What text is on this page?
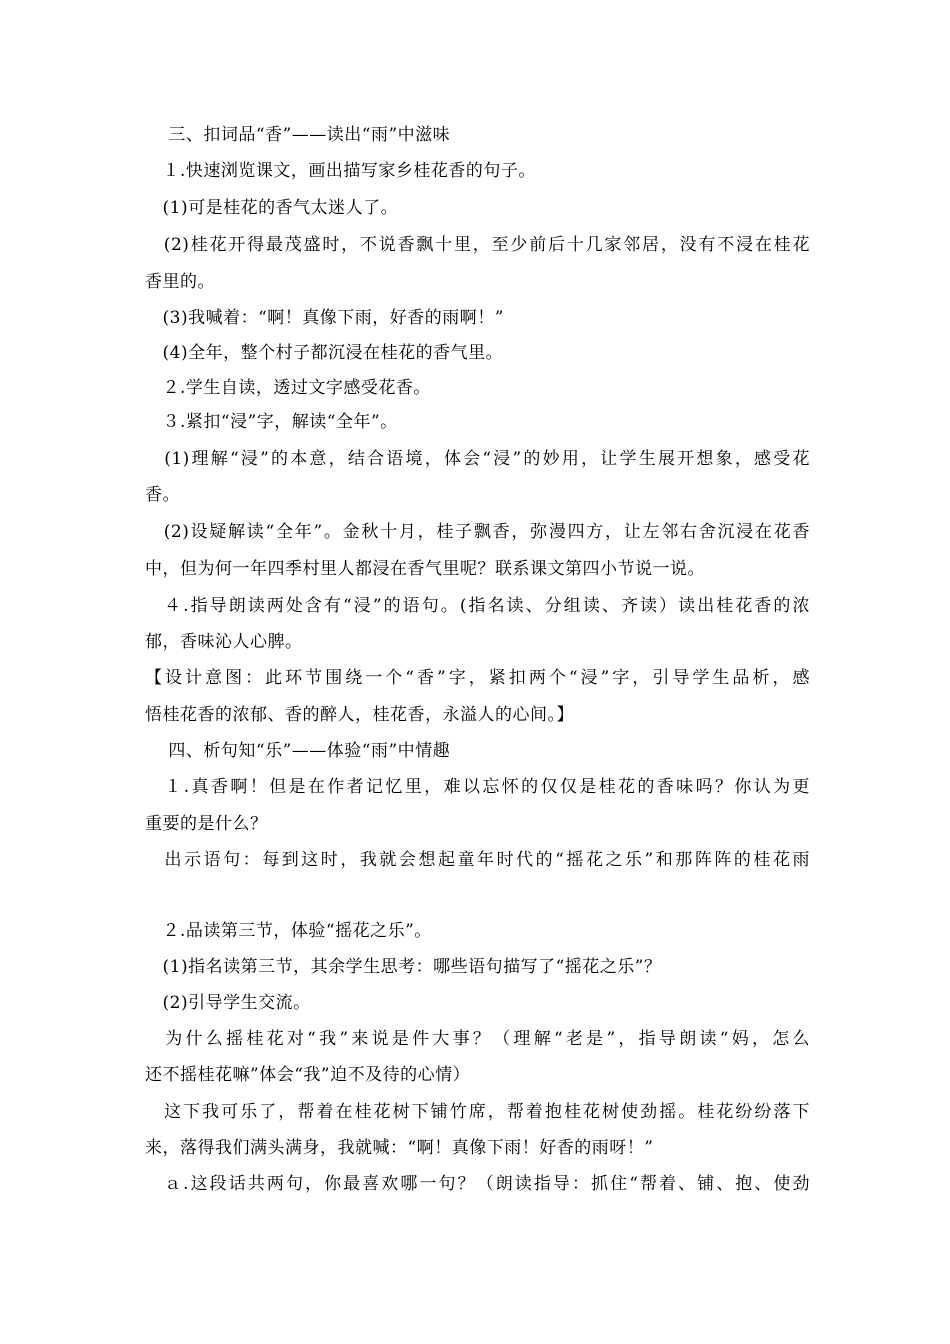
　 三、扣词品“香”——读出“雨”中滋味
　１.快速浏览课文，画出描写家乡桂花香的句子。
　(1)可是桂花的香气太迷人了。
　(2)桂花开得最茂盛时，不说香飘十里，至少前后十几家邻居，没有不浸在桂花
香里的。
　(3)我喊着：“啊！真像下雨，好香的雨啊！”
　(4)全年，整个村子都沉浸在桂花的香气里。
　２.学生自读，透过文字感受花香。
　３.紧扣“浸”字，解读“全年”。
　(1)理解“浸”的本意，结合语境，体会“浸”的妙用，让学生展开想象，感受花
香。
　(2)设疑解读“全年”。金秋十月，桂子飘香，弥漫四方，让左邻右舍沉浸在花香
中，但为何一年四季村里人都浸在香气里呢？联系课文第四小节说一说。
　４.指导朗读两处含有“浸”的语句。(指名读、分组读、齐读）读出桂花香的浓
郁，香味沁人心脾。
【设计意图：此环节围绕一个“香”字，紧扣两个“浸”字，引导学生品析，感
悟桂花香的浓郁、香的醉人，桂花香，永溢人的心间。】
　 四、析句知“乐”——体验“雨”中情趣
　１.真香啊！但是在作者记忆里，难以忘怀的仅仅是桂花的香味吗？你认为更
重要的是什么？
　出示语句：每到这时，我就会想起童年时代的“摇花之乐”和那阵阵的桂花雨
　２.品读第三节，体验“摇花之乐”。
　(1)指名读第三节，其余学生思考：哪些语句描写了“摇花之乐”？
　(2)引导学生交流。
　为什么摇桂花对“我”来说是件大事？（理解“老是”，指导朗读“妈，怎么
还不摇桂花嘛”体会“我”迫不及待的心情）
　这下我可乐了，帮着在桂花树下铺竹席，帮着抱桂花树使劲摇。桂花纷纷落下
来，落得我们满头满身，我就喊：“啊！真像下雨！好香的雨呀！”
　ａ.这段话共两句，你最喜欢哪一句？（朗读指导：抓住“帮着、铺、抱、使劲
